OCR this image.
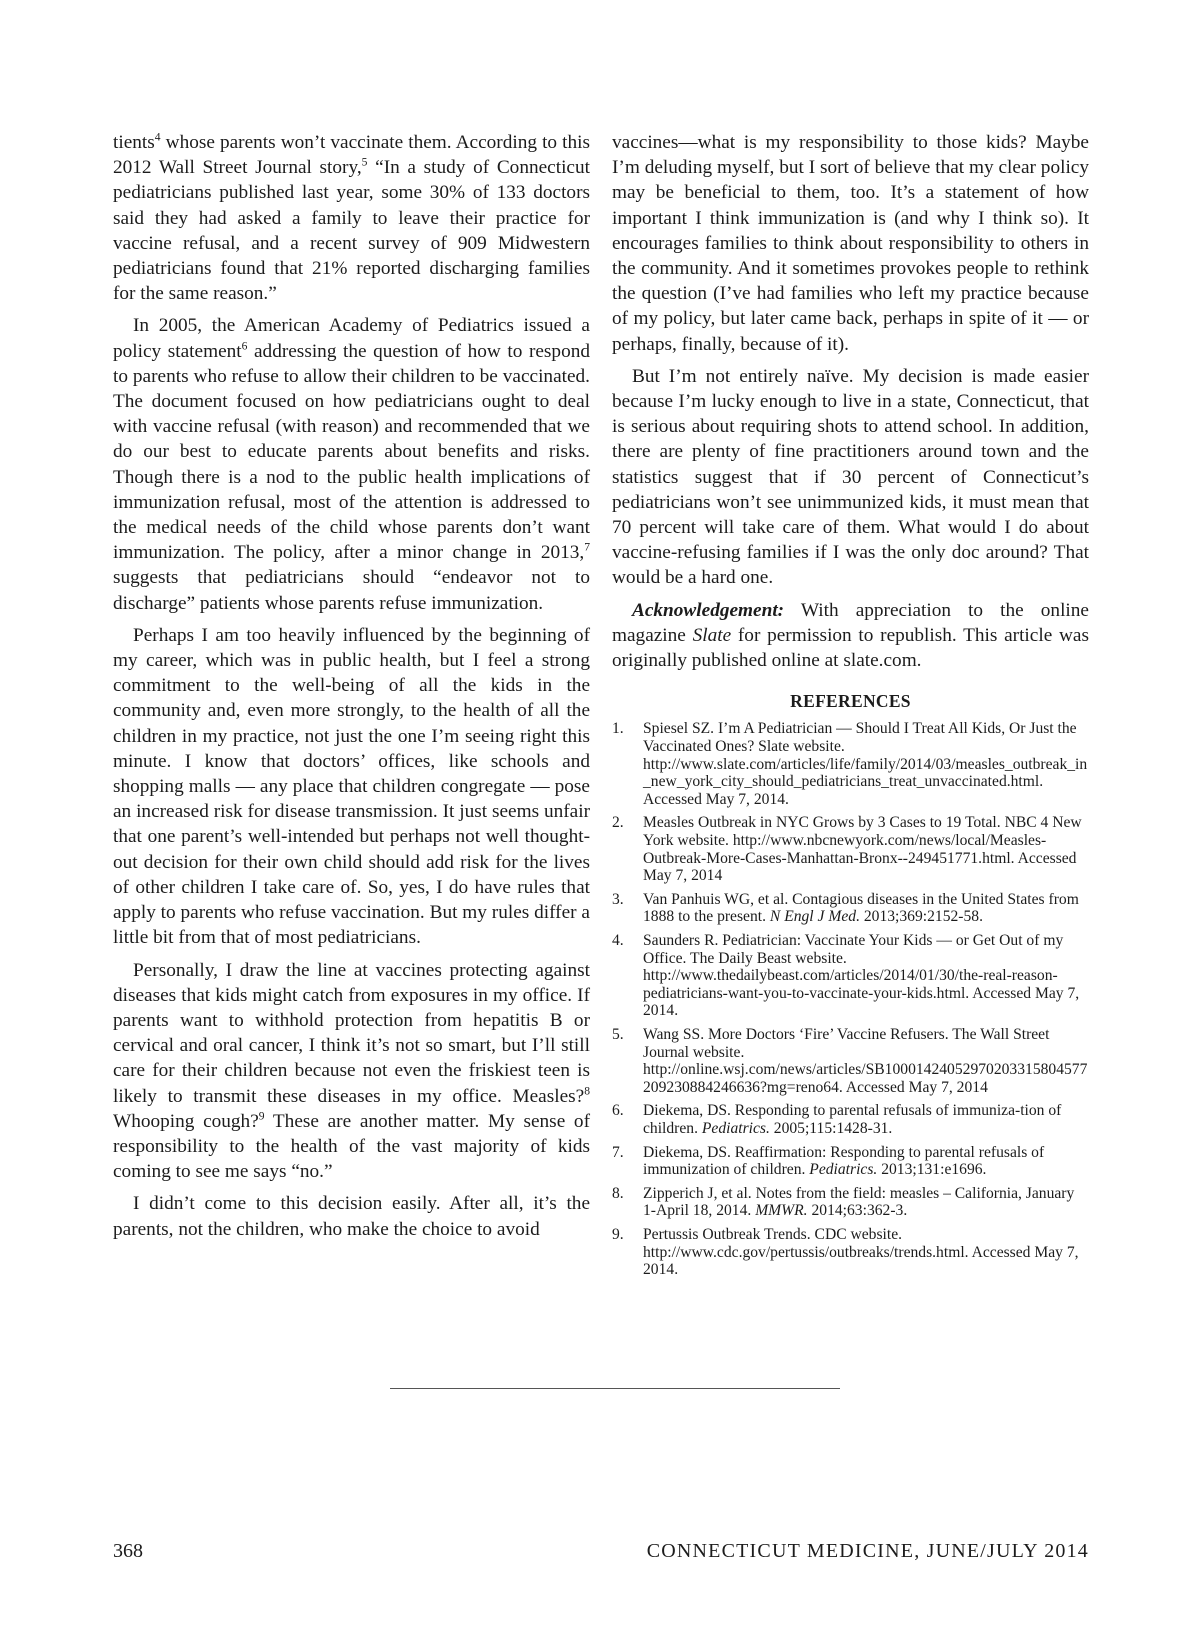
tients$^4$ whose parents won’t vaccinate them. According to this 2012 Wall Street Journal story,$^5$ “In a study of Connecticut pediatricians published last year, some 30% of 133 doctors said they had asked a family to leave their practice for vaccine refusal, and a recent survey of 909 Midwestern pediatricians found that 21% reported discharging families for the same reason.”

In 2005, the American Academy of Pediatrics issued a policy statement$^6$ addressing the question of how to respond to parents who refuse to allow their children to be vaccinated. The document focused on how pediatricians ought to deal with vaccine refusal (with reason) and recommended that we do our best to educate parents about benefits and risks. Though there is a nod to the public health implications of immunization refusal, most of the attention is addressed to the medical needs of the child whose parents don’t want immunization. The policy, after a minor change in 2013,$^7$ suggests that pediatricians should “endeavor not to discharge” patients whose parents refuse immunization.

Perhaps I am too heavily influenced by the beginning of my career, which was in public health, but I feel a strong commitment to the well-being of all the kids in the community and, even more strongly, to the health of all the children in my practice, not just the one I’m seeing right this minute. I know that doctors’ offices, like schools and shopping malls — any place that children congregate — pose an increased risk for disease transmission. It just seems unfair that one parent’s well-intended but perhaps not well thought-out decision for their own child should add risk for the lives of other children I take care of. So, yes, I do have rules that apply to parents who refuse vaccination. But my rules differ a little bit from that of most pediatricians.

Personally, I draw the line at vaccines protecting against diseases that kids might catch from exposures in my office. If parents want to withhold protection from hepatitis B or cervical and oral cancer, I think it’s not so smart, but I’ll still care for their children because not even the friskiest teen is likely to transmit these diseases in my office. Measles?$^8$ Whooping cough?$^9$ These are another matter. My sense of responsibility to the health of the vast majority of kids coming to see me says “no.”

I didn’t come to this decision easily. After all, it’s the parents, not the children, who make the choice to avoid

vaccines—what is my responsibility to those kids? Maybe I’m deluding myself, but I sort of believe that my clear policy may be beneficial to them, too. It’s a statement of how important I think immunization is (and why I think so). It encourages families to think about responsibility to others in the community. And it sometimes provokes people to rethink the question (I’ve had families who left my practice because of my policy, but later came back, perhaps in spite of it — or perhaps, finally, because of it).

But I’m not entirely naïve. My decision is made easier because I’m lucky enough to live in a state, Connecticut, that is serious about requiring shots to attend school. In addition, there are plenty of fine practitioners around town and the statistics suggest that if 30 percent of Connecticut’s pediatricians won’t see unimmunized kids, it must mean that 70 percent will take care of them. What would I do about vaccine-refusing families if I was the only doc around? That would be a hard one.

Acknowledgement: With appreciation to the online magazine Slate for permission to republish. This article was originally published online at slate.com.

REFERENCES
1. Spiesel SZ. I’m A Pediatrician — Should I Treat All Kids, Or Just the Vaccinated Ones? Slate website. http://www.slate.com/articles/life/family/2014/03/measles_outbreak_in_new_york_city_should_pediatricians_treat_unvaccinated.html. Accessed May 7, 2014.
2. Measles Outbreak in NYC Grows by 3 Cases to 19 Total. NBC 4 New York website. http://www.nbcnewyork.com/news/local/Measles-Outbreak-More-Cases-Manhattan-Bronx--249451771.html. Accessed May 7, 2014
3. Van Panhuis WG, et al. Contagious diseases in the United States from 1888 to the present. N Engl J Med. 2013;369:2152-58.
4. Saunders R. Pediatrician: Vaccinate Your Kids — or Get Out of my Office. The Daily Beast website. http://www.thedailybeast.com/articles/2014/01/30/the-real-reason-pediatricians-want-you-to-vaccinate-your-kids.html. Accessed May 7, 2014.
5. Wang SS. More Doctors ‘Fire’ Vaccine Refusers. The Wall Street Journal website. http://online.wsj.com/news/articles/SB10001424052970203315804577209230884246636?mg=reno64. Accessed May 7, 2014
6. Diekema, DS. Responding to parental refusals of immuniza-tion of children. Pediatrics. 2005;115:1428-31.
7. Diekema, DS. Reaffirmation: Responding to parental refusals of immunization of children. Pediatrics. 2013;131:e1696.
8. Zipperich J, et al. Notes from the field: measles – California, January 1-April 18, 2014. MMWR. 2014;63:362-3.
9. Pertussis Outbreak Trends. CDC website. http://www.cdc.gov/pertussis/outbreaks/trends.html. Accessed May 7, 2014.
368	CONNECTICUT MEDICINE, JUNE/JULY 2014
